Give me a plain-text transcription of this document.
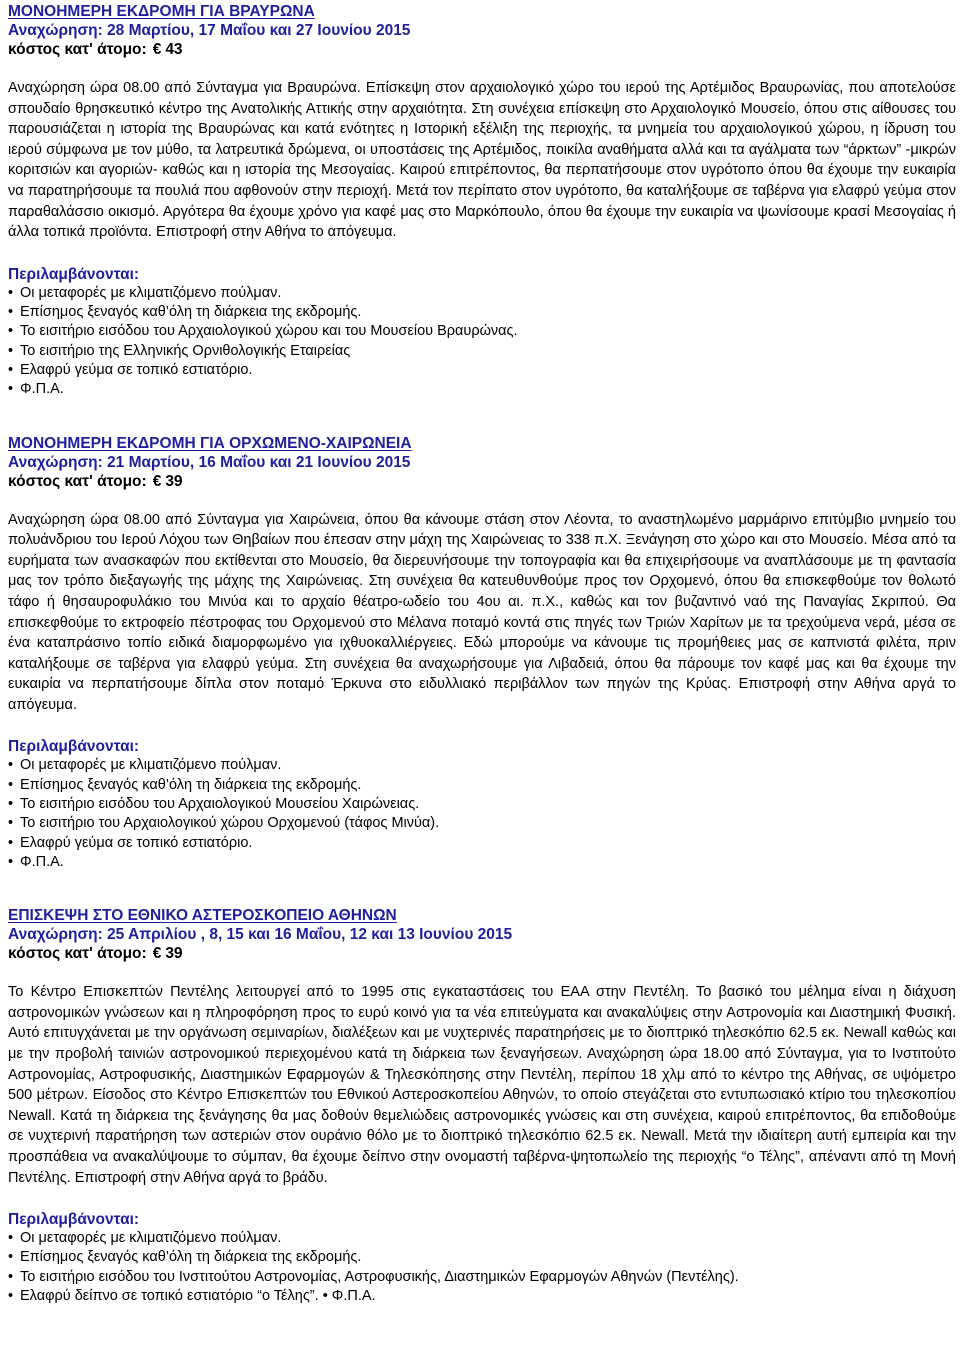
ΜΟΝΟΗΜΕΡΗ ΕΚΔΡΟΜΗ ΓΙΑ ΒΡΑΥΡΩΝΑ
Αναχώρηση: 28 Μαρτίου, 17 Μαΐου και 27 Ιουνίου 2015
κόστος κατ' άτομο: € 43

Αναχώρηση ώρα 08.00 από Σύνταγμα για Βραυρώνα. Επίσκεψη στον αρχαιολογικό χώρο του ιερού της Αρτέμιδος Βραυρωνίας, που αποτελούσε σπουδαίο θρησκευτικό κέντρο της Ανατολικής Αττικής στην αρχαιότητα. Στη συνέχεια επίσκεψη στο Αρχαιολογικό Μουσείο, όπου στις αίθουσες του παρουσιάζεται η ιστορία της Βραυρώνας και κατά ενότητες η Ιστορική εξέλιξη της περιοχής, τα μνημεία του αρχαιολογικού χώρου, η ίδρυση του ιερού σύμφωνα με τον μύθο, τα λατρευτικά δρώμενα, οι υποστάσεις της Αρτέμιδος, ποικίλα αναθήματα αλλά και τα αγάλματα των “άρκτων” -μικρών κοριτσιών και αγοριών- καθώς και η ιστορία της Μεσογαίας. Καιρού επιτρέποντος, θα περπατήσουμε στον υγρότοπο όπου θα έχουμε την ευκαιρία να παρατηρήσουμε τα πουλιά που αφθονούν στην περιοχή. Μετά τον περίπατο στον υγρότοπο, θα καταλήξουμε σε ταβέρνα για ελαφρύ γεύμα στον παραθαλάσσιο οικισμό. Αργότερα θα έχουμε χρόνο για καφέ μας στο Μαρκόπουλο, όπου θα έχουμε την ευκαιρία να ψωνίσουμε κρασί Μεσογαίας ή άλλα τοπικά προϊόντα. Επιστροφή στην Αθήνα το απόγευμα.

Περιλαμβάνονται:
• Οι μεταφορές με κλιματιζόμενο πούλμαν.
• Επίσημος ξεναγός καθ’όλη τη διάρκεια της εκδρομής.
• Το εισιτήριο εισόδου του Αρχαιολογικού χώρου και του Μουσείου Βραυρώνας.
• Το εισιτήριο της Ελληνικής Ορνιθολογικής Εταιρείας
• Ελαφρύ γεύμα σε τοπικό εστιατόριο.
• Φ.Π.Α.
ΜΟΝΟΗΜΕΡΗ ΕΚΔΡΟΜΗ ΓΙΑ ΟΡΧΩΜΕΝΟ-ΧΑΙΡΩΝΕΙΑ
Αναχώρηση: 21 Μαρτίου, 16 Μαΐου και 21 Ιουνίου 2015
κόστος κατ' άτομο: € 39

Αναχώρηση ώρα 08.00 από Σύνταγμα για Χαιρώνεια, όπου θα κάνουμε στάση στον Λέοντα, το αναστηλωμένο μαρμάρινο επιτύμβιο μνημείο του πολυάνδριου του Ιερού Λόχου των Θηβαίων που έπεσαν στην μάχη της Χαιρώνειας το 338 π.Χ. Ξενάγηση στο χώρο και στο Μουσείο. Μέσα από τα ευρήματα των ανασκαφών που εκτίθενται στο Μουσείο, θα διερευνήσουμε την τοπογραφία και θα επιχειρήσουμε να αναπλάσουμε με τη φαντασία μας τον τρόπο διεξαγωγής της μάχης της Χαιρώνειας. Στη συνέχεια θα κατευθυνθούμε προς τον Ορχομενό, όπου θα επισκεφθούμε τον θολωτό τάφο ή θησαυροφυλάκιο του Μινύα και το αρχαίο θέατρο-ωδείο του 4ου αι. π.Χ., καθώς και τον βυζαντινό ναό της Παναγίας Σκριπού. Θα επισκεφθούμε το εκτροφείο πέστροφας του Ορχομενού στο Μέλανα ποταμό κοντά στις πηγές των Τριών Χαρίτων με τα τρεχούμενα νερά, μέσα σε ένα καταπράσινο τοπίο ειδικά διαμορφωμένο για ιχθυοκαλλιέργειες. Εδώ μπορούμε να κάνουμε τις προμήθειες μας σε καπνιστά φιλέτα, πριν καταλήξουμε σε ταβέρνα για ελαφρύ γεύμα. Στη συνέχεια θα αναχωρήσουμε για Λιβαδειά, όπου θα πάρουμε τον καφέ μας και θα έχουμε την ευκαιρία να περπατήσουμε δίπλα στον ποταμό Έρκυνα στο ειδυλλιακό περιβάλλον των πηγών της Κρύας. Επιστροφή στην Αθήνα αργά το απόγευμα.

Περιλαμβάνονται:
• Οι μεταφορές με κλιματιζόμενο πούλμαν.
• Επίσημος ξεναγός καθ’όλη τη διάρκεια της εκδρομής.
• Το εισιτήριο εισόδου του Αρχαιολογικού Μουσείου Χαιρώνειας.
• Το εισιτήριο του Αρχαιολογικού χώρου Ορχομενού (τάφος Μινύα).
• Ελαφρύ γεύμα σε τοπικό εστιατόριο.
• Φ.Π.Α.
ΕΠΙΣΚΕΨΗ ΣΤΟ ΕΘΝΙΚΟ ΑΣΤΕΡΟΣΚΟΠΕΙΟ ΑΘΗΝΩΝ
Αναχώρηση: 25 Απριλίου , 8, 15 και 16 Μαΐου, 12 και 13 Ιουνίου 2015
κόστος κατ' άτομο: € 39

Το Κέντρο Επισκεπτών Πεντέλης λειτουργεί από το 1995 στις εγκαταστάσεις του ΕΑΑ στην Πεντέλη. Το βασικό του μέλημα είναι η διάχυση αστρονομικών γνώσεων και η πληροφόρηση προς το ευρύ κοινό για τα νέα επιτεύγματα και ανακαλύψεις στην Αστρονομία και Διαστημική Φυσική. Αυτό επιτυγχάνεται με την οργάνωση σεμιναρίων, διαλέξεων και με νυχτερινές παρατηρήσεις με το διοπτρικό τηλεσκόπιο 62.5 εκ. Newall καθώς και με την προβολή ταινιών αστρονομικού περιεχομένου κατά τη διάρκεια των ξεναγήσεων. Αναχώρηση ώρα 18.00 από Σύνταγμα, για το Ινστιτούτο Αστρονομίας, Αστροφυσικής, Διαστημικών Εφαρμογών & Τηλεσκόπησης στην Πεντέλη, περίπου 18 χλμ από το κέντρο της Αθήνας, σε υψόμετρο 500 μέτρων. Είσοδος στο Κέντρο Επισκεπτών του Εθνικού Αστεροσκοπείου Αθηνών, το οποίο στεγάζεται στο εντυπωσιακό κτίριο του τηλεσκοπίου Newall. Κατά τη διάρκεια της ξενάγησης θα μας δοθούν θεμελιώδεις αστρονομικές γνώσεις και στη συνέχεια, καιρού επιτρέποντος, θα επιδοθούμε σε νυχτερινή παρατήρηση των αστεριών στον ουράνιο θόλο με το διοπτρικό τηλεσκόπιο 62.5 εκ. Newall. Μετά την ιδιαίτερη αυτή εμπειρία και την προσπάθεια να ανακαλύψουμε το σύμπαν, θα έχουμε δείπνο στην ονομαστή ταβέρνα-ψητοπωλείο της περιοχής “ο Τέλης”, απέναντι από τη Μονή Πεντέλης. Επιστροφή στην Αθήνα αργά το βράδυ.

Περιλαμβάνονται:
• Οι μεταφορές με κλιματιζόμενο πούλμαν.
• Επίσημος ξεναγός καθ’όλη τη διάρκεια της εκδρομής.
• Το εισιτήριο εισόδου του Ινστιτούτου Αστρονομίας, Αστροφυσικής, Διαστημικών Εφαρμογών Αθηνών (Πεντέλης).
• Ελαφρύ δείπνο σε τοπικό εστιατόριο “ο Τέλης”. • Φ.Π.Α.
